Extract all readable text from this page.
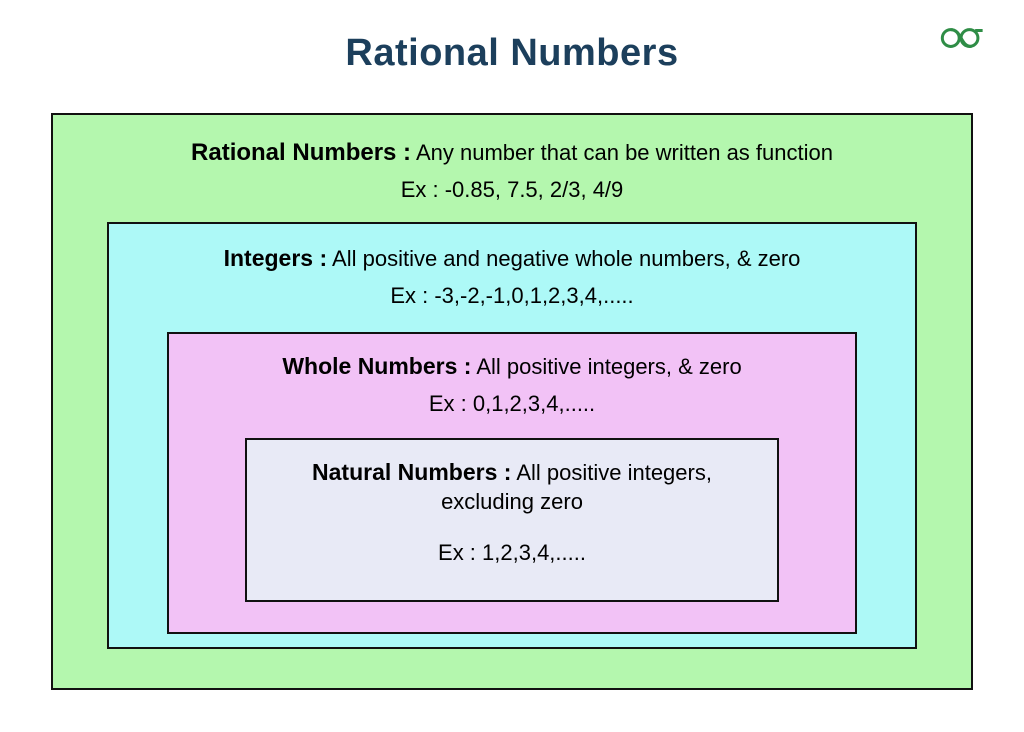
Rational Numbers
Rational Numbers : Any number that can be written as function
Ex : -0.85, 7.5, 2/3, 4/9
Integers : All positive and negative whole numbers, & zero
Ex : -3,-2,-1,0,1,2,3,4,.....
Whole Numbers : All positive integers, & zero
Ex : 0,1,2,3,4,.....
Natural Numbers : All positive integers, excluding zero
Ex : 1,2,3,4,.....
